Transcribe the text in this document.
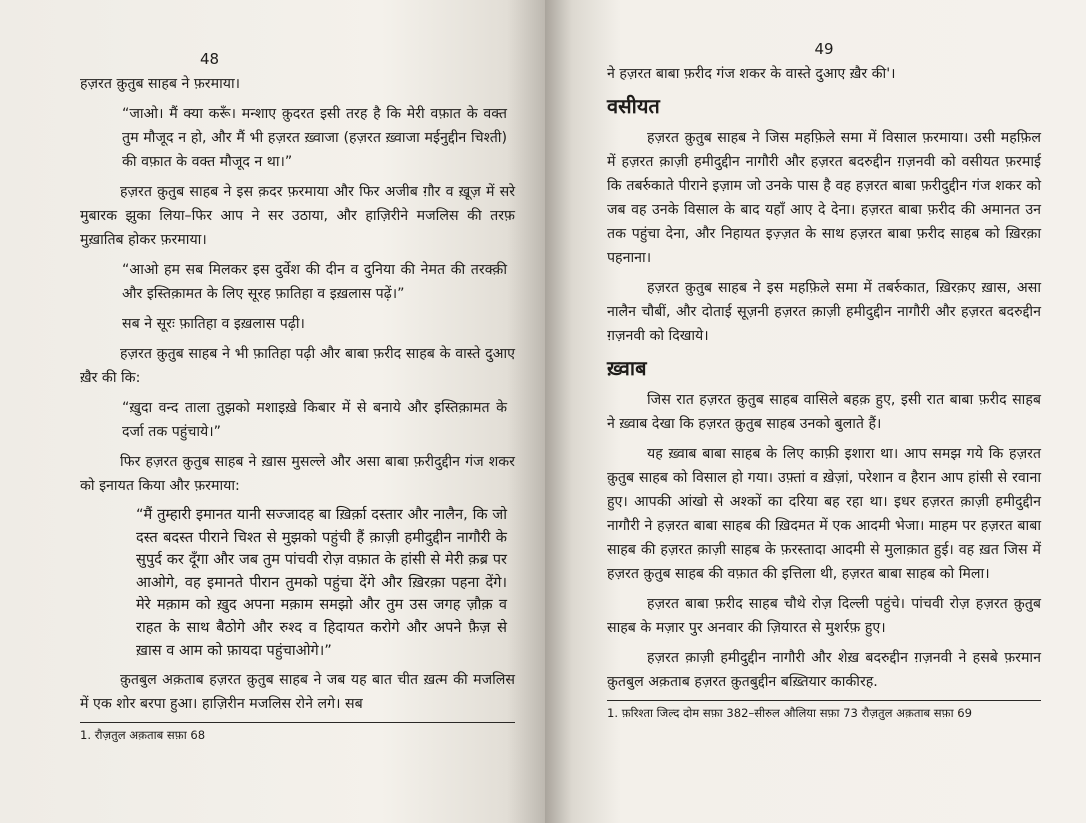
48

हज़रत क़ुतुब साहब ने फ़रमाया।

“जाओ। मैं क्या करूँ। मन्शाए क़ुदरत इसी तरह है कि मेरी वफ़ात के वक्त तुम मौजूद न हो, और मैं भी हज़रत ख़्वाजा (हज़रत ख़्वाजा मईनुद्दीन चिश्ती) की वफ़ात के वक्त मौजूद न था।”

हज़रत क़ुतुब साहब ने इस क़दर फ़रमाया और फिर अजीब ग़ौर व ख़ूज़ में सरे मुबारक झुका लिया–फिर आप ने सर उठाया, और हाज़िरीने मजलिस की तरफ़ मुख़ातिब होकर फ़रमाया।

“आओ हम सब मिलकर इस दुर्वेश की दीन व दुनिया की नेमत की तरक्क़ी और इस्तिक़ामत के लिए सूरह फ़ातिहा व इख़लास पढ़ें।”

सब ने सूरः फ़ातिहा व इख़लास पढ़ी।

हज़रत क़ुतुब साहब ने भी फ़ातिहा पढ़ी और बाबा फ़रीद साहब के वास्ते दुआए ख़ैर की कि:

“ख़ुदा वन्द ताला तुझको मशाइख़े किबार में से बनाये और इस्तिक़ामत के दर्जा तक पहुंचाये।”

फिर हज़रत क़ुतुब साहब ने ख़ास मुसल्ले और असा बाबा फ़रीदुद्दीन गंज शकर को इनायत किया और फ़रमाया:

“मैं तुम्हारी इमानत यानी सज्जादह बा ख़िर्क़ा दस्तार और नालैन, कि जो दस्त बदस्त पीराने चिश्त से मुझको पहुंची हैं क़ाज़ी हमीदुद्दीन नागौरी के सुपुर्द कर दूँगा और जब तुम पांचवी रोज़ वफ़ात के हांसी से मेरी क़ब्र पर आओगे, वह इमानते पीरान तुमको पहुंचा देंगे और ख़िरक़ा पहना देंगे। मेरे मक़ाम को ख़ुद अपना मक़ाम समझो और तुम उस जगह ज़ौक़ व राहत के साथ बैठोगे और रुश्द व हिदायत करोगे और अपने फ़ैज़ से ख़ास व आम को फ़ायदा पहुंचाओगे।”

क़ुतबुल अक़ताब हज़रत क़ुतुब साहब ने जब यह बात चीत ख़त्म की मजलिस में एक शोर बरपा हुआ। हाज़िरीन मजलिस रोने लगे। सब

1. रौज़तुल अक़ताब सफ़ा 68

49

ने हज़रत बाबा फ़रीद गंज शकर के वास्ते दुआए ख़ैर की'।

वसीयत

हज़रत क़ुतुब साहब ने जिस महफ़िले समा में विसाल फ़रमाया। उसी महफ़िल में हज़रत क़ाज़ी हमीदुद्दीन नागौरी और हज़रत बदरुद्दीन ग़ज़नवी को वसीयत फ़रमाई कि तबर्रुकाते पीराने इज़ाम जो उनके पास है वह हज़रत बाबा फ़रीदुद्दीन गंज शकर को जब वह उनके विसाल के बाद यहाँ आए दे देना। हज़रत बाबा फ़रीद की अमानत उन तक पहुंचा देना, और निहायत इज़्ज़त के साथ हज़रत बाबा फ़रीद साहब को ख़िरक़ा पहनाना।

हज़रत क़ुतुब साहब ने इस महफ़िले समा में तबर्रुकात, ख़िरक़ए ख़ास, असा नालैन चौबीं, और दोताई सूज़नी हज़रत क़ाज़ी हमीदुद्दीन नागौरी और हज़रत बदरुद्दीन ग़ज़नवी को दिखाये।

ख़्वाब

जिस रात हज़रत क़ुतुब साहब वासिले बहक़ हुए, इसी रात बाबा फ़रीद साहब ने ख़्वाब देखा कि हज़रत क़ुतुब साहब उनको बुलाते हैं।

यह ख़्वाब बाबा साहब के लिए काफ़ी इशारा था। आप समझ गये कि हज़रत क़ुतुब साहब को विसाल हो गया। उफ़्तां व ख़ेज़ां, परेशान व हैरान आप हांसी से रवाना हुए। आपकी आंखो से अश्कों का दरिया बह रहा था। इधर हज़रत क़ाज़ी हमीदुद्दीन नागौरी ने हज़रत बाबा साहब की ख़िदमत में एक आदमी भेजा। माहम पर हज़रत बाबा साहब की हज़रत क़ाज़ी साहब के फ़रस्तादा आदमी से मुलाक़ात हुई। वह ख़त जिस में हज़रत क़ुतुब साहब की वफ़ात की इत्तिला थी, हज़रत बाबा साहब को मिला।

हज़रत बाबा फ़रीद साहब चौथे रोज़ दिल्ली पहुंचे। पांचवी रोज़ हज़रत क़ुतुब साहब के मज़ार पुर अनवार की ज़ियारत से मुशर्रफ़ हुए।

हज़रत क़ाज़ी हमीदुद्दीन नागौरी और शेख़ बदरुद्दीन ग़ज़नवी ने हसबे फ़रमान क़ुतबुल अक़ताब हज़रत क़ुतबुद्दीन बख़्तियार काकीरह.

1. फ़रिश्ता जिल्द दोम सफ़ा 382–सीरुल औलिया सफ़ा 73 रौज़तुल अक़ताब सफ़ा 69
